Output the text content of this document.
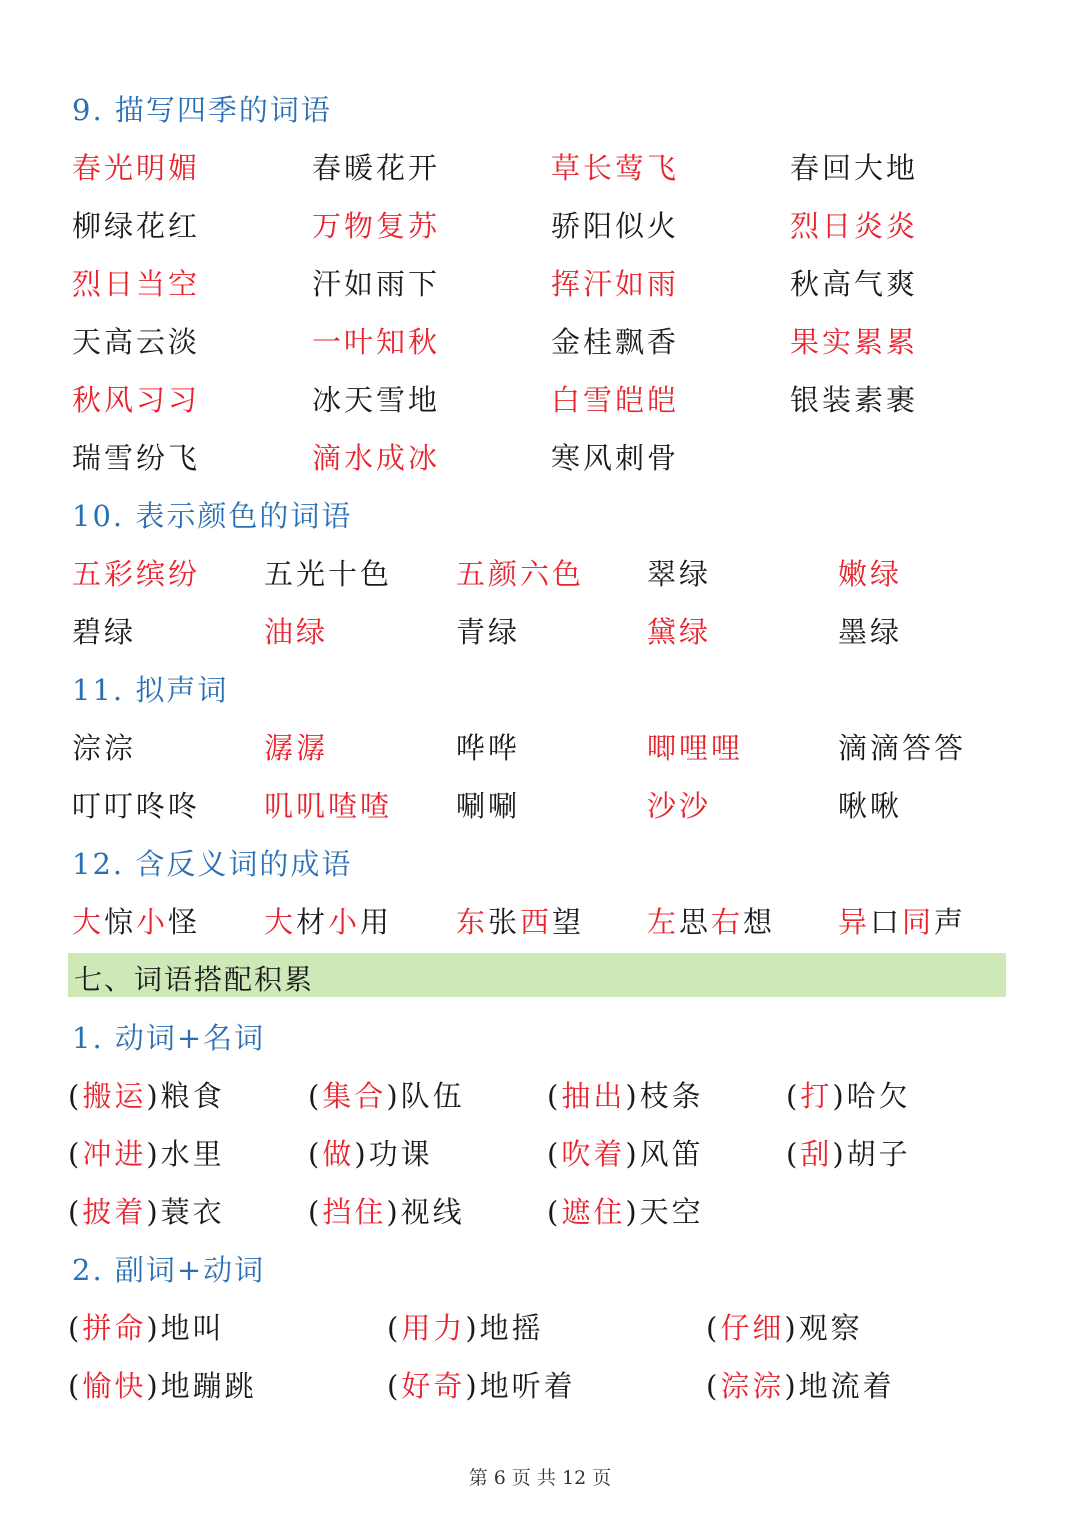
9. 描写四季的词语
春光明媚	春暖花开	草长莺飞	春回大地
柳绿花红	万物复苏	骄阳似火	烈日炎炎
烈日当空	汗如雨下	挥汗如雨	秋高气爽
天高云淡	一叶知秋	金桂飘香	果实累累
秋风习习	冰天雪地	白雪皑皑	银装素裹
瑞雪纷飞	滴水成冰	寒风刺骨
10. 表示颜色的词语
五彩缤纷 五光十色 五颜六色 翠绿	嫩绿
碧绿	油绿	青绿	黛绿	墨绿
11. 拟声词
淙淙	潺潺	哗哗	唧哩哩	滴滴答答
叮叮咚咚 叽叽喳喳 唰唰	沙沙	啾啾
12. 含反义词的成语
大惊小怪 大材小用 东张西望 左思右想 异口同声
七、词语搭配积累
1. 动词+名词
(搬运)粮食	(集合)队伍	(抽出)枝条	(打)哈欠
(冲进)水里	(做)功课	(吹着)风笛	(刮)胡子
(披着)蓑衣	(挡住)视线	(遮住)天空
2. 副词+动词
(拼命)地叫	(用力)地摇	(仔细)观察
(愉快)地蹦跳	(好奇)地听着	(淙淙)地流着
第 6 页 共 12 页
